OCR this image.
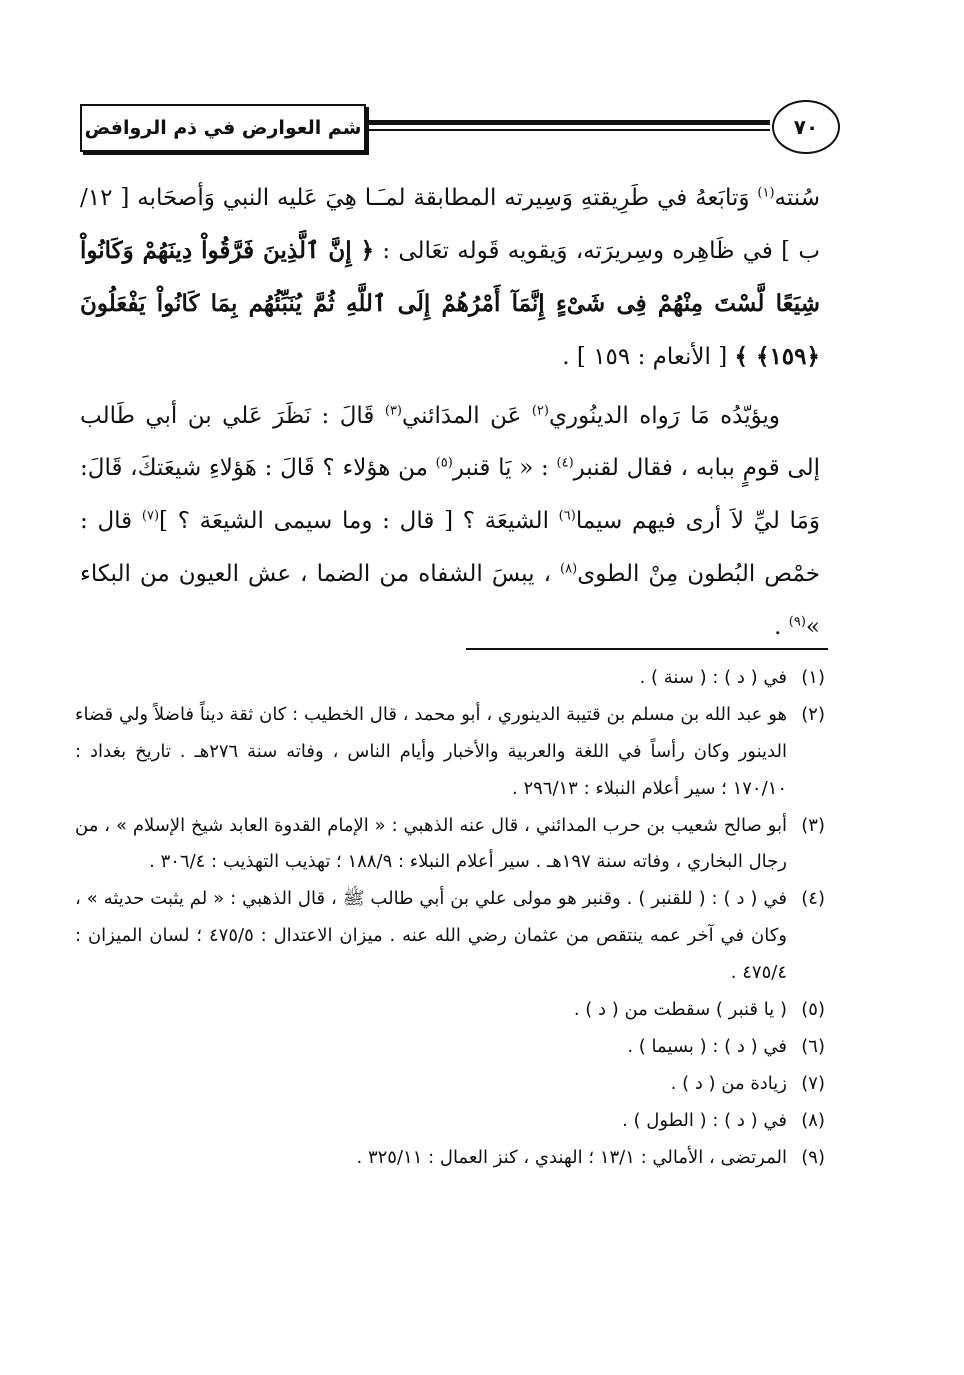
شم العوارض في ذم الروافض	٧٠

سُنته$^{(١)}$ وَتابَعهُ في طَرِيقتهِ وَسِيرته المطابقة لمـَـا هِيَ عَليه النبي وَأصحَابه [ ١٢/ب ] في ظَاهِره وسِريرَته، وَيقويه قَوله تعَالى : ﴿ إِنَّ ٱلَّذِينَ فَرَّقُواْ دِينَهُمْ وَكَانُواْ شِيَعًا لَّسْتَ مِنْهُمْ فِى شَىْءٍ إِنَّمَآ أَمْرُهُمْ إِلَى ٱللَّهِ ثُمَّ يُنَبِّئُهُم بِمَا كَانُواْ يَفْعَلُونَ ﴿١٥٩﴾ ﴾ [ الأنعام : ١٥٩ ] .

ويؤيّدُه مَا رَواه الدينُوري$^{(٢)}$ عَن المدَائني$^{(٣)}$ قَالَ : نَظَرَ عَلي بن أبي طَالب إلى قومٍ ببابه ، فقال لقنبر$^{(٤)}$ : « يَا قنبر$^{(٥)}$ من هؤلاء ؟ قَالَ : هَؤلاءِ شيعَتكَ، قَالَ: وَمَا ليِّ لاَ أرى فيهم سيما$^{(٦)}$ الشيعَة ؟ [ قال : وما سيمى الشيعَة ؟ ]$^{(٧)}$ قال : خمْص البُطون مِنْ الطوى$^{(٨)}$ ، يبسَ الشفاه من الضما ، عش العيون من البكاء »$^{(٩)}$ .

(١)
في ( د ) : ( سنة ) .

(٢)
هو عبد الله بن مسلم بن قتيبة الدينوري ، أبو محمد ، قال الخطيب : كان ثقة ديناً فاضلاً ولي قضاء الدينور وكان رأساً في اللغة والعربية والأخبار وأيام الناس ، وفاته سنة ٢٧٦هـ . تاريخ بغداد : ١٧٠/١٠ ؛ سير أعلام النبلاء : ٢٩٦/١٣ .

(٣)
أبو صالح شعيب بن حرب المدائني ، قال عنه الذهبي : « الإمام القدوة العابد شيخ الإسلام » ، من رجال البخاري ، وفاته سنة ١٩٧هـ . سير أعلام النبلاء : ١٨٨/٩ ؛ تهذيب التهذيب : ٣٠٦/٤ .

(٤)
في ( د ) : ( للقنبر ) . وقنبر هو مولى علي بن أبي طالب ﷺ ، قال الذهبي : « لم يثبت حديثه » ، وكان في آخر عمه ينتقص من عثمان رضي الله عنه . ميزان الاعتدال : ٤٧٥/٥ ؛ لسان الميزان : ٤٧٥/٤ .

(٥)
( يا قنبر ) سقطت من ( د ) .

(٦)
في ( د ) : ( بسيما ) .

(٧)
زيادة من ( د ) .

(٨)
في ( د ) : ( الطول ) .

(٩)
المرتضى ، الأمالي : ١٣/١ ؛ الهندي ، كنز العمال : ٣٢٥/١١ .
